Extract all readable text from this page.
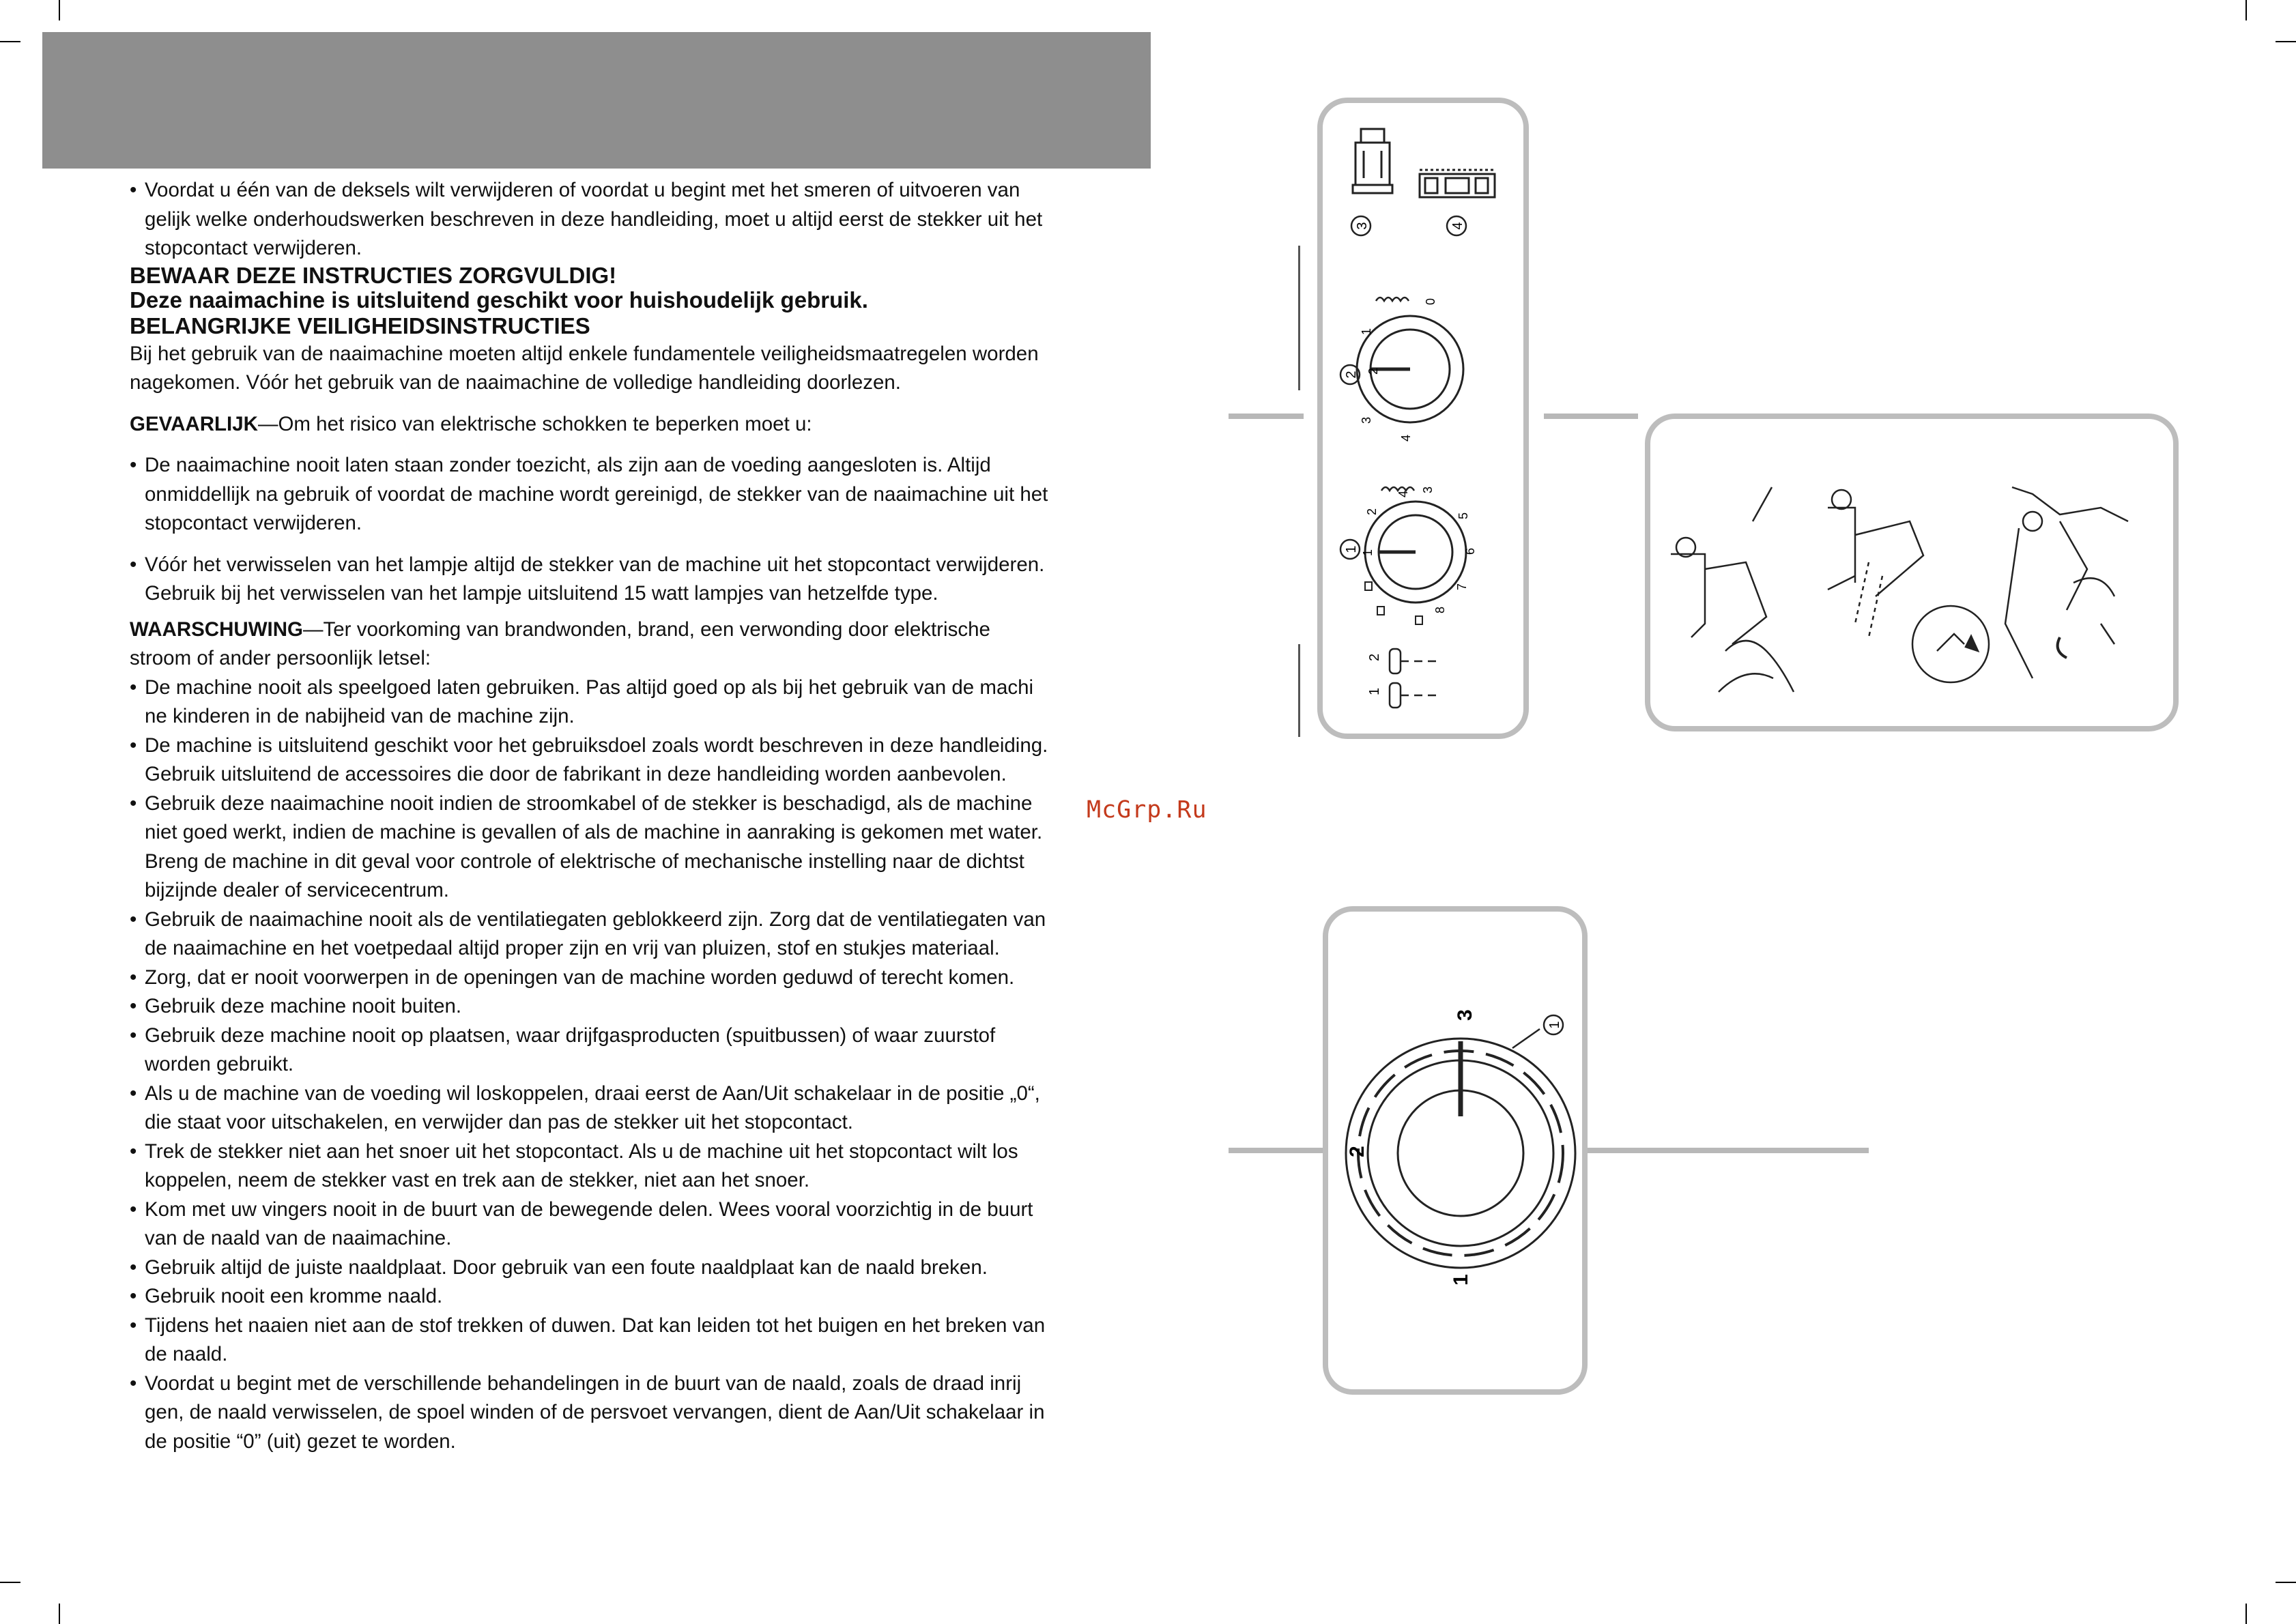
• Voordat u één van de deksels wilt verwijderen of voordat u begint met het smeren of uitvoeren van gelijk welke onderhoudswerken beschreven in deze handleiding, moet u altijd eerst de stekker uit het stopcontact verwijderen.

BEWAAR DEZE INSTRUCTIES ZORGVULDIG!

Deze naaimachine is uitsluitend geschikt voor huishoudelijk gebruik.

BELANGRIJKE VEILIGHEIDSINSTRUCTIES

Bij het gebruik van de naaimachine moeten altijd enkele fundamentele veiligheidsmaatregelen worden nagekomen. Vóór het gebruik van de naaimachine de volledige handleiding doorlezen.

GEVAARLIJK—Om het risico van elektrische schokken te beperken moet u:

• De naaimachine nooit laten staan zonder toezicht, als zijn aan de voeding aangesloten is. Altijd onmiddellijk na gebruik of voordat de machine wordt gereinigd, de stekker van de naaimachine uit het stopcontact verwijderen.

• Vóór het verwisselen van het lampje altijd de stekker van de machine uit het stopcontact verwijderen. Gebruik bij het verwisselen van het lampje uitsluitend 15 watt lampjes van hetzelfde type.

WAARSCHUWING—Ter voorkoming van brandwonden, brand, een verwonding door elektrische stroom of ander persoonlijk letsel:

• De machine nooit als speelgoed laten gebruiken. Pas altijd goed op als bij het gebruik van de machi ne kinderen in de nabijheid van de machine zijn.

• De machine is uitsluitend geschikt voor het gebruiksdoel zoals wordt beschreven in deze handleiding. Gebruik uitsluitend de accessoires die door de fabrikant in deze handleiding worden aanbevolen.

• Gebruik deze naaimachine nooit indien de stroomkabel of de stekker is beschadigd, als de machine niet goed werkt, indien de machine is gevallen of als de machine in aanraking is gekomen met water. Breng de machine in dit geval voor controle of elektrische of mechanische instelling naar de dichtst bijzijnde dealer of servicecentrum.

• Gebruik de naaimachine nooit als de ventilatiegaten geblokkeerd zijn. Zorg dat de ventilatiegaten van de naaimachine en het voetpedaal altijd proper zijn en vrij van pluizen, stof en stukjes materiaal.

• Zorg, dat er nooit voorwerpen in de openingen van de machine worden geduwd of terecht komen.

• Gebruik deze machine nooit buiten.

• Gebruik deze machine nooit op plaatsen, waar drijfgasproducten (spuitbussen) of waar zuurstof worden gebruikt.

• Als u de machine van de voeding wil loskoppelen, draai eerst de Aan/Uit schakelaar in de positie „0“, die staat voor uitschakelen, en verwijder dan pas de stekker uit het stopcontact.

• Trek de stekker niet aan het snoer uit het stopcontact. Als u de machine uit het stopcontact wilt los koppelen, neem de stekker vast en trek aan de stekker, niet aan het snoer.

• Kom met uw vingers nooit in de buurt van de bewegende delen. Wees vooral voorzichtig in de buurt van de naald van de naaimachine.

• Gebruik altijd de juiste naaldplaat. Door gebruik van een foute naaldplaat kan de naald breken.

• Gebruik nooit een kromme naald.

• Tijdens het naaien niet aan de stof trekken of duwen. Dat kan leiden tot het buigen en het breken van de naald.

• Voordat u begint met de verschillende behandelingen in de buurt van de naald, zoals de draad inrij gen, de naald verwisselen, de spoel winden of de persvoet vervangen, dient de Aan/Uit schakelaar in de positie “0” (uit) gezet te worden.

McGrp.Ru
3	4
2
0
1
2
3
4
1
3
5
6
7
8
4
2
1
2
1
1
3
2
1
